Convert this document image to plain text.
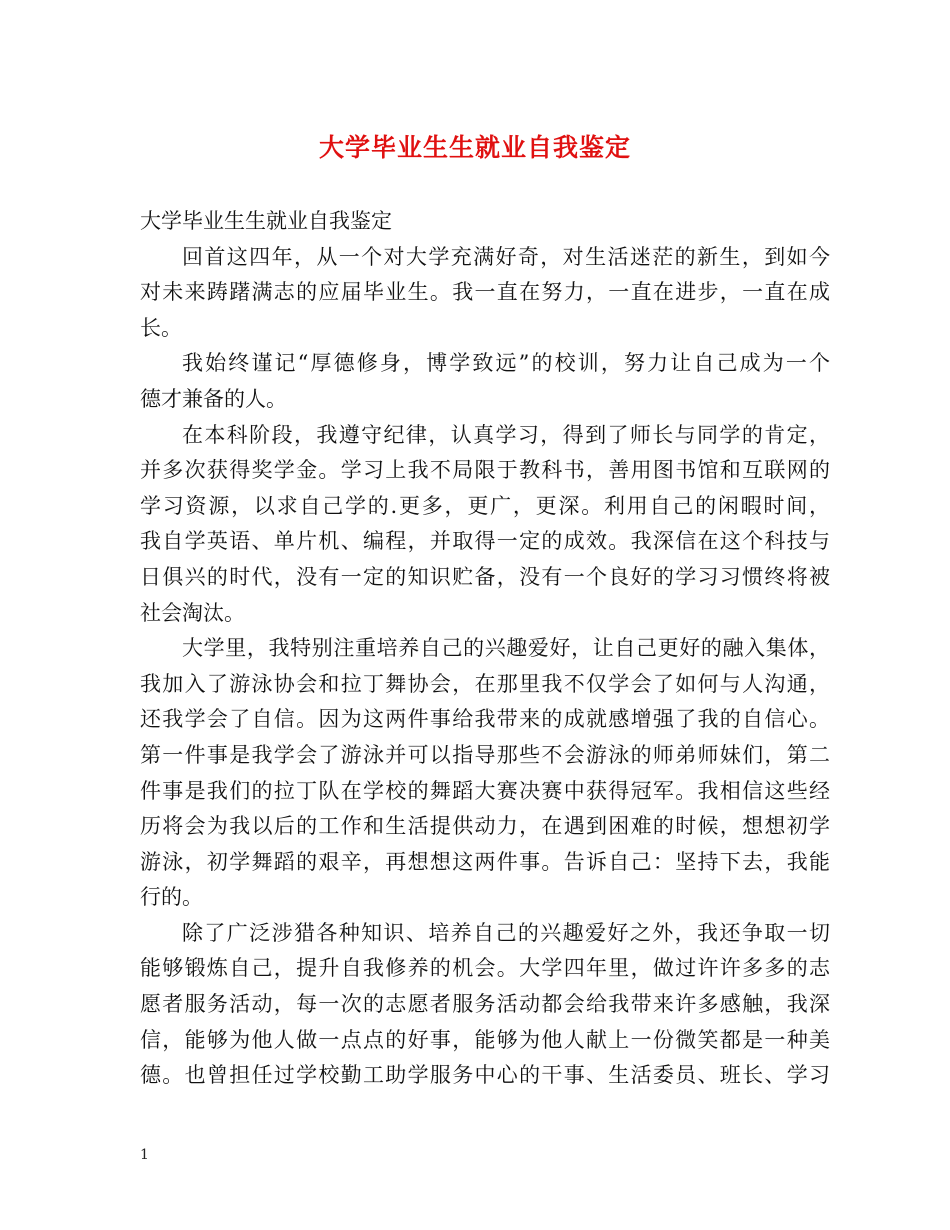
大学毕业生生就业自我鉴定
大学毕业生生就业自我鉴定
回首这四年，从一个对大学充满好奇，对生活迷茫的新生，到如今
对未来踌躇满志的应届毕业生。我一直在努力，一直在进步，一直在成
长。
我始终谨记“厚德修身，博学致远”的校训，努力让自己成为一个
德才兼备的人。
在本科阶段，我遵守纪律，认真学习，得到了师长与同学的肯定，
并多次获得奖学金。学习上我不局限于教科书，善用图书馆和互联网的
学习资源，以求自己学的.更多，更广，更深。利用自己的闲暇时间，
我自学英语、单片机、编程，并取得一定的成效。我深信在这个科技与
日俱兴的时代，没有一定的知识贮备，没有一个良好的学习习惯终将被
社会淘汰。
大学里，我特别注重培养自己的兴趣爱好，让自己更好的融入集体，
我加入了游泳协会和拉丁舞协会，在那里我不仅学会了如何与人沟通，
还我学会了自信。因为这两件事给我带来的成就感增强了我的自信心。
第一件事是我学会了游泳并可以指导那些不会游泳的师弟师妹们，第二
件事是我们的拉丁队在学校的舞蹈大赛决赛中获得冠军。我相信这些经
历将会为我以后的工作和生活提供动力，在遇到困难的时候，想想初学
游泳，初学舞蹈的艰辛，再想想这两件事。告诉自己：坚持下去，我能
行的。
除了广泛涉猎各种知识、培养自己的兴趣爱好之外，我还争取一切
能够锻炼自己，提升自我修养的机会。大学四年里，做过许许多多的志
愿者服务活动，每一次的志愿者服务活动都会给我带来许多感触，我深
信，能够为他人做一点点的好事，能够为他人献上一份微笑都是一种美
德。也曾担任过学校勤工助学服务中心的干事、生活委员、班长、学习
1
